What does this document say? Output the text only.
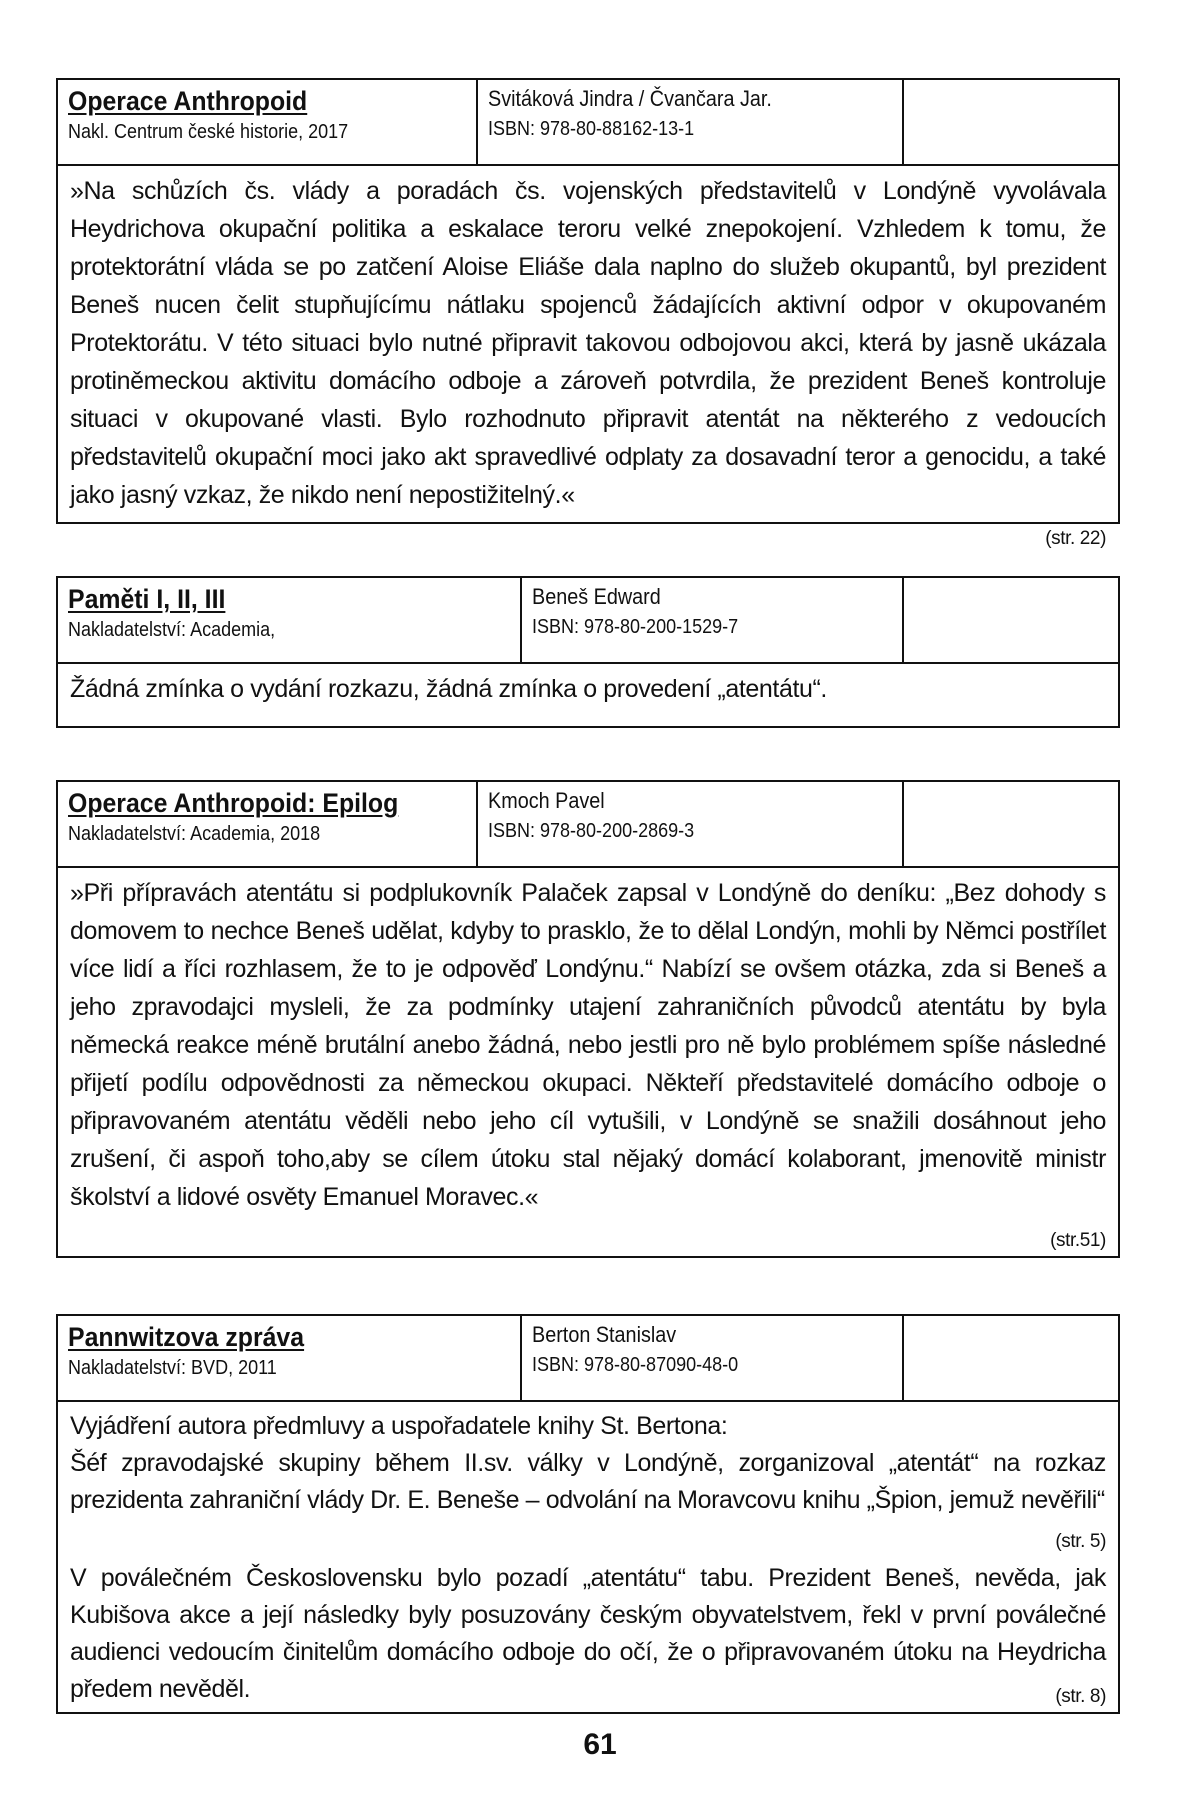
Operace Anthropoid
Nakl. Centrum české historie, 2017
Svitáková Jindra / Čvančara Jar.
ISBN: 978-80-88162-13-1

»Na schůzích čs. vlády a poradách čs. vojenských představitelů v Londýně vyvolávala Heydrichova okupační politika a eskalace teroru velké znepokojení. Vzhledem k tomu, že protektorátní vláda se po zatčení Aloise Eliáše dala naplno do služeb okupantů, byl prezident Beneš nucen čelit stupňujícímu nátlaku spojenců žádajících aktivní odpor v okupovaném Protektorátu. V této situaci bylo nutné připravit takovou odbojovou akci, která by jasně ukázala protiněmeckou aktivitu domácího odboje a zároveň potvrdila, že prezident Beneš kontroluje situaci v okupované vlasti. Bylo rozhodnuto připravit atentát na některého z vedoucích představitelů okupační moci jako akt spravedlivé odplaty za dosavadní teror a genocidu, a také jako jasný vzkaz, že nikdo není nepostižitelný.«

(str. 22)
Paměti I, II, III
Nakladatelství: Academia,
Beneš Edward
ISBN: 978-80-200-1529-7

Žádná zmínka o vydání rozkazu, žádná zmínka o provedení „atentátu“.

Operace Anthropoid: Epilog
Nakladatelství: Academia, 2018
Kmoch Pavel
ISBN: 978-80-200-2869-3

»Při přípravách atentátu si podplukovník Palaček zapsal v Londýně do deníku: „Bez dohody s domovem to nechce Beneš udělat, kdyby to prasklo, že to dělal Londýn, mohli by Němci postřílet více lidí a říci rozhlasem, že to je odpověď Londýnu.“ Nabízí se ovšem otázka, zda si Beneš a jeho zpravodajci mysleli, že za podmínky utajení zahraničních původců atentátu by byla německá reakce méně brutální anebo žádná, nebo jestli pro ně bylo problémem spíše následné přijetí podílu odpovědnosti za německou okupaci. Někteří představitelé domácího odboje o připravovaném atentátu věděli nebo jeho cíl vytušili, v Londýně se snažili dosáhnout jeho zrušení, či aspoň toho,aby se cílem útoku stal nějaký domácí kolaborant, jmenovitě ministr školství a lidové osvěty Emanuel Moravec.«

(str.51)
Pannwitzova zpráva
Nakladatelství: BVD, 2011
Berton Stanislav
ISBN: 978-80-87090-48-0

Vyjádření autora předmluvy a uspořadatele knihy St. Bertona:

Šéf zpravodajské skupiny během II.sv. války v Londýně, zorganizoval „atentát“ na rozkaz prezidenta zahraniční vlády Dr. E. Beneše – odvolání na Moravcovu knihu „Špion, jemuž nevěřili“
(str. 5)

V poválečném Československu bylo pozadí „atentátu“ tabu. Prezident Beneš, nevěda, jak Kubišova akce a její následky byly posuzovány českým obyvatelstvem, řekl v první poválečné audienci vedoucím činitelům domácího odboje do očí, že o připravovaném útoku na Heydricha předem nevěděl.	(str. 8)
61
